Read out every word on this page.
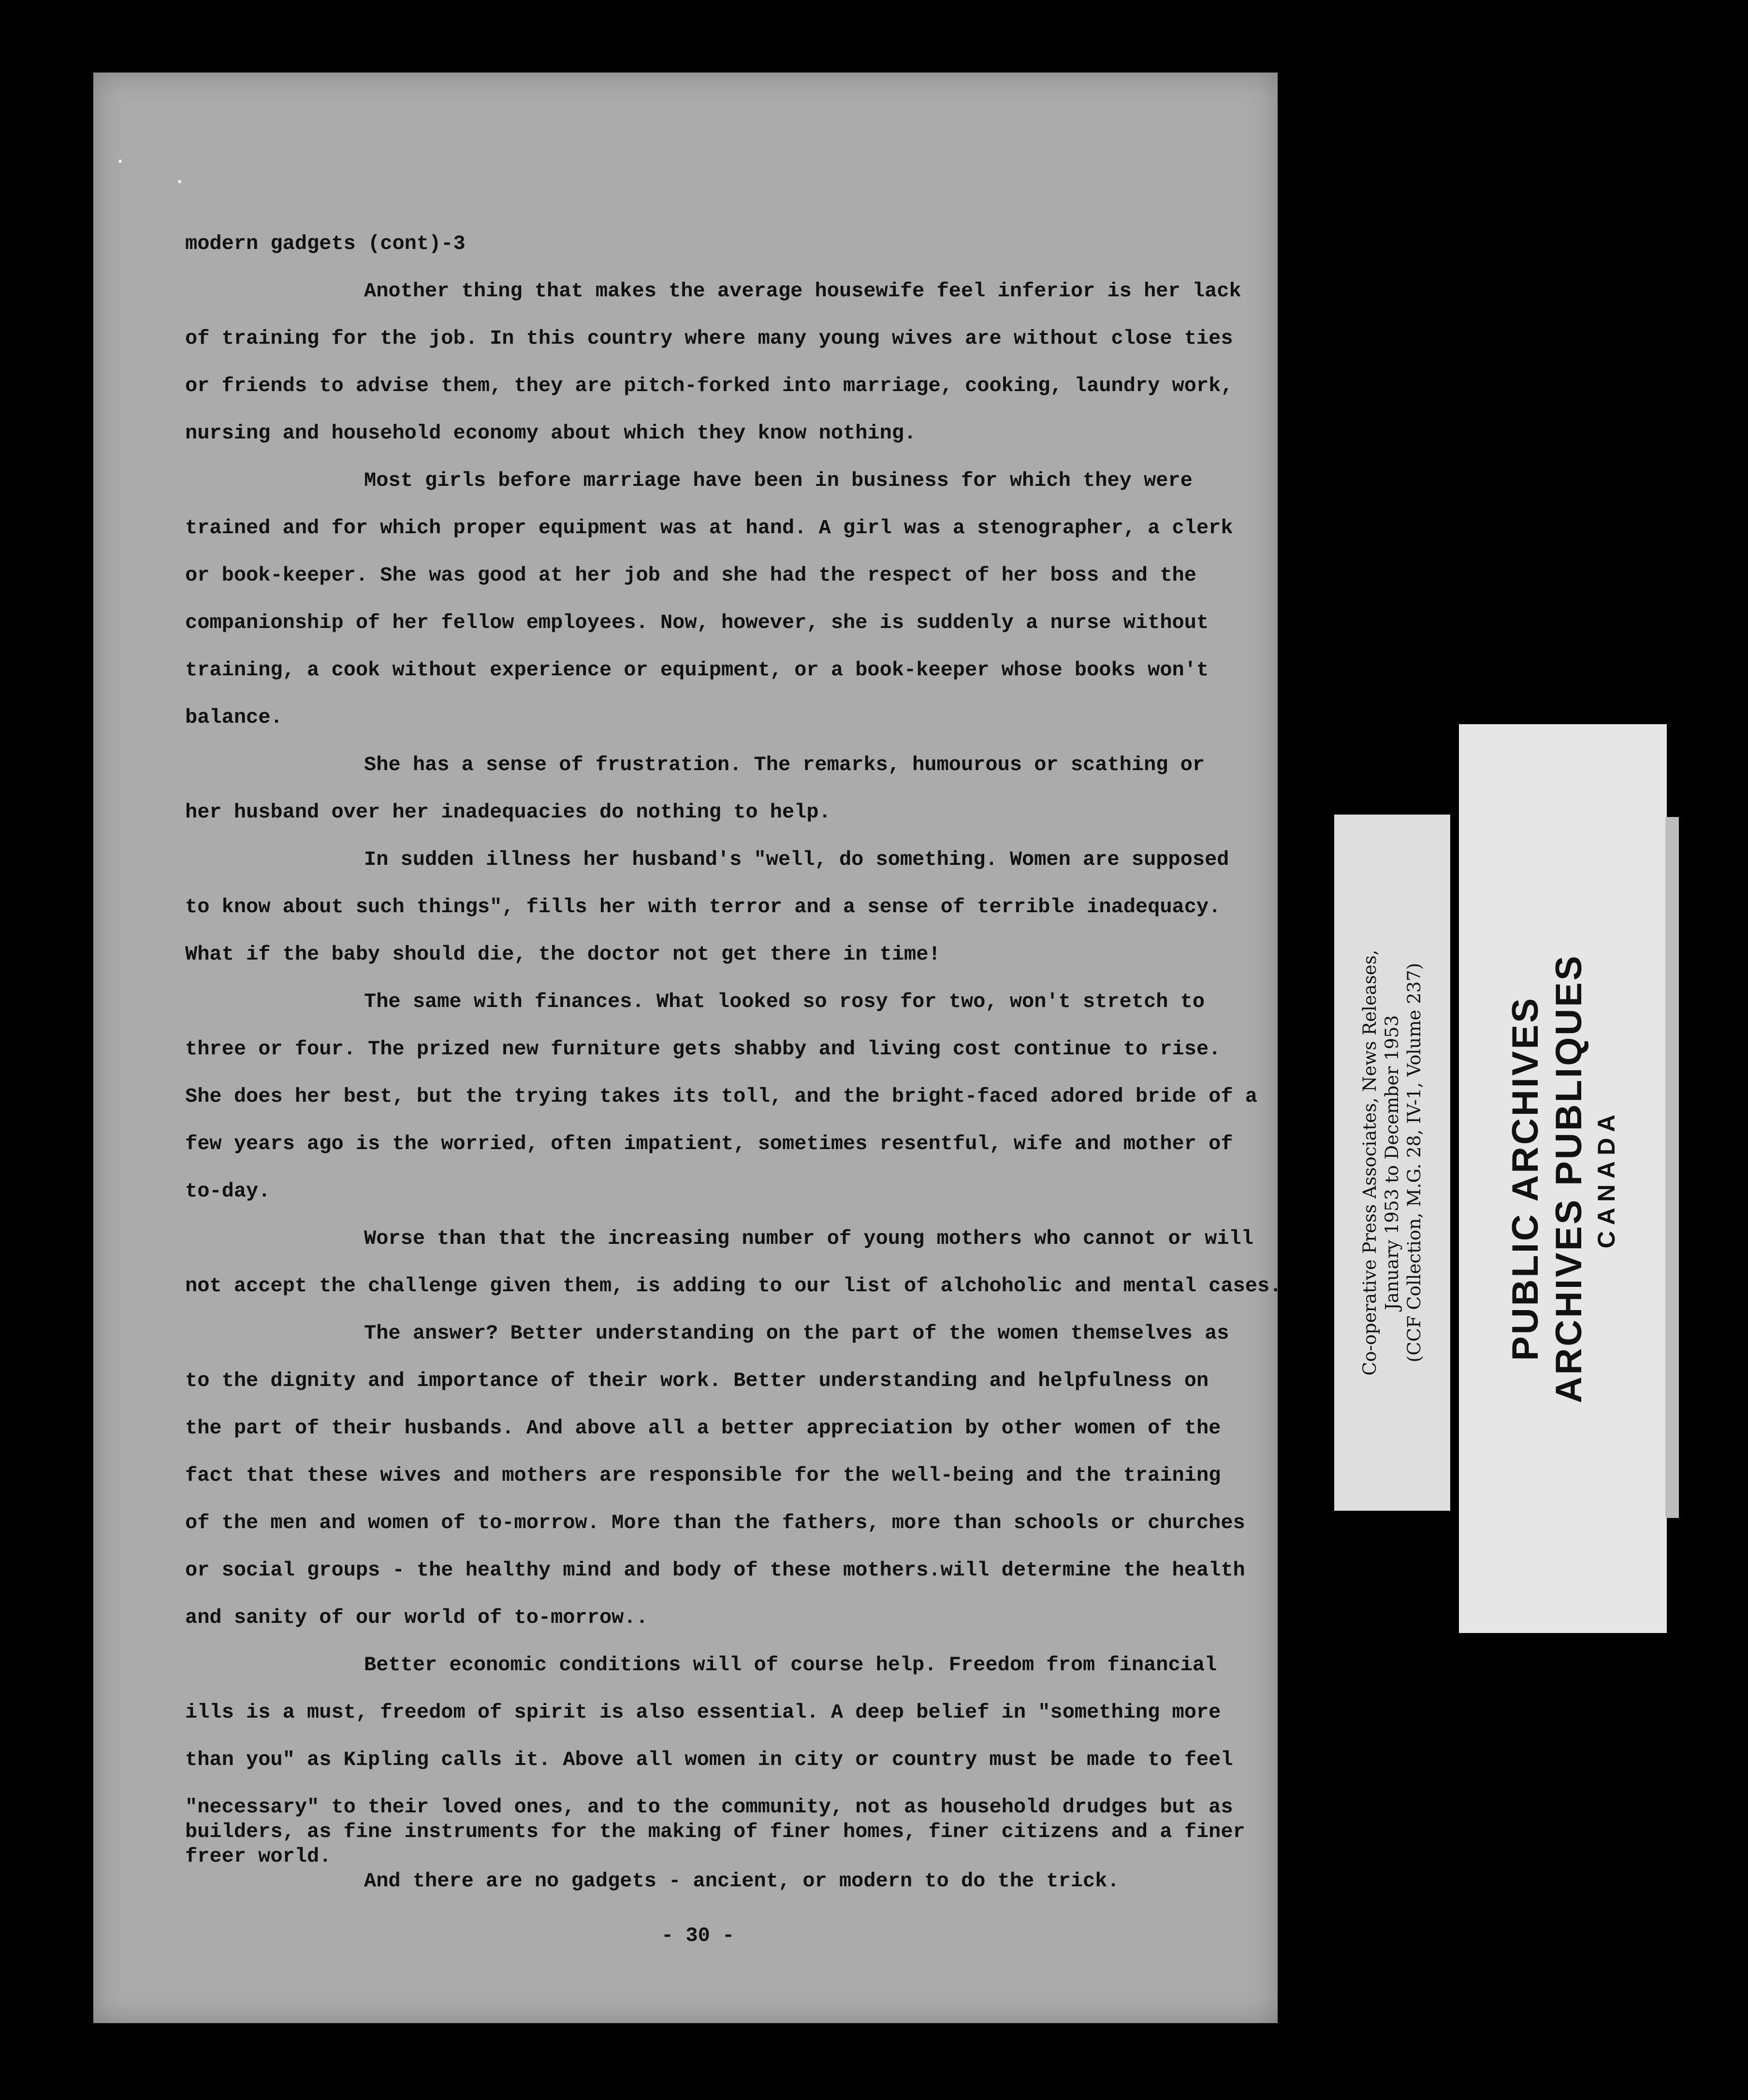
modern gadgets (cont)-3
Another thing that makes the average housewife feel inferior is her lack
of training for the job. In this country where many young wives are without close ties
or friends to advise them, they are pitch-forked into marriage, cooking, laundry work,
nursing and household economy about which they know nothing.
Most girls before marriage have been in business for which they were
trained and for which proper equipment was at hand. A girl was a stenographer, a clerk
or book-keeper. She was good at her job and she had the respect of her boss and the
companionship of her fellow employees. Now, however, she is suddenly a nurse without
training, a cook without experience or equipment, or a book-keeper whose books won't
balance.
She has a sense of frustration. The remarks, humourous or scathing or
her husband over her inadequacies do nothing to help.
In sudden illness her husband's "well, do something. Women are supposed
to know about such things", fills her with terror and a sense of terrible inadequacy.
What if the baby should die, the doctor not get there in time!
The same with finances. What looked so rosy for two, won't stretch to
three or four. The prized new furniture gets shabby and living cost continue to rise.
She does her best, but the trying takes its toll, and the bright-faced adored bride of a
few years ago is the worried, often impatient, sometimes resentful, wife and mother of
to-day.
Worse than that the increasing number of young mothers who cannot or will
not accept the challenge given them, is adding to our list of alchoholic and mental cases.
The answer? Better understanding on the part of the women themselves as
to the dignity and importance of their work. Better understanding and helpfulness on
the part of their husbands. And above all a better appreciation by other women of the
fact that these wives and mothers are responsible for the well-being and the training
of the men and women of to-morrow. More than the fathers, more than schools or churches
or social groups - the healthy mind and body of these mothers.will determine the health
and sanity of our world of to-morrow..
Better economic conditions will of course help. Freedom from financial
ills is a must, freedom of spirit is also essential. A deep belief in "something more
than you" as Kipling calls it. Above all women in city or country must be made to feel
"necessary" to their loved ones, and to the community, not as household drudges but as
builders, as fine instruments for the making of finer homes, finer citizens and a finer
freer world.
And there are no gadgets - ancient, or modern to do the trick.
- 30 -
Co-operative Press Associates, News Releases, January 1953 to December 1953 (CCF Collection, M.G. 28, IV-1, Volume 237) PUBLIC ARCHIVES ARCHIVES PUBLIQUES CANADA
